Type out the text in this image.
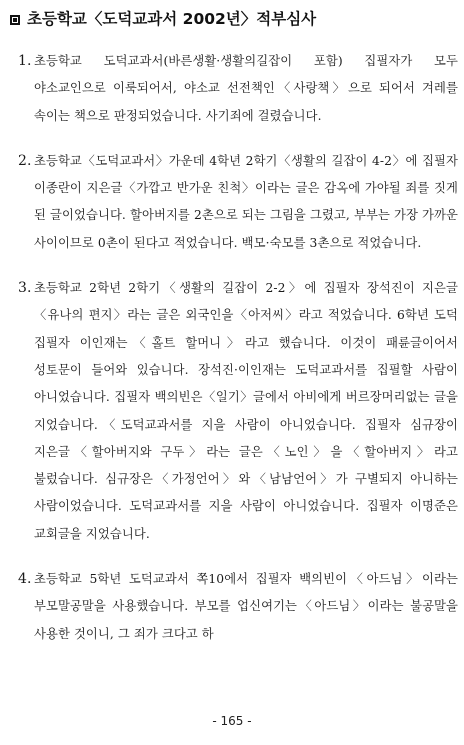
초등학교〈도덕교과서 2002년〉적부심사
1. 초등학교 도덕교과서(바른생활·생활의길잡이 포함) 집필자가 모두 야소교인으로 이룩되어서, 야소교 선전책인〈사랑책〉으로 되어서 겨레를 속이는 책으로 판정되었습니다. 사기죄에 걸렸습니다.
2. 초등학교〈도덕교과서〉가운데 4학년 2학기〈생활의 길잡이 4-2〉에 집필자 이종란이 지은글〈가깝고 반가운 친척〉이라는 글은 감옥에 가야될 죄를 짓게 된 글이었습니다. 할아버지를 2촌으로 되는 그림을 그렸고, 부부는 가장 가까운 사이이므로 0촌이 된다고 적었습니다. 백모·숙모를 3촌으로 적었습니다.
3. 초등학교 2학년 2학기〈생활의 길잡이 2-2〉에 집필자 장석진이 지은글〈유나의 편지〉라는 글은 외국인을〈아저씨〉라고 적었습니다. 6학년 도덕 집필자 이인재는〈홀트 할머니〉라고 했습니다. 이것이 패륜글이어서 성토문이 들어와 있습니다. 장석진·이인재는 도덕교과서를 집필할 사람이 아니었습니다. 집필자 백의빈은〈일기〉글에서 아비에게 버르장머리없는 글을 지었습니다.〈도덕교과서를 지을 사람이 아니었습니다. 집필자 심규장이 지은글〈할아버지와 구두〉라는 글은〈노인〉을〈할아버지〉라고 불렀습니다. 심규장은〈가정언어〉와〈남남언어〉가 구별되지 아니하는 사람이었습니다. 도덕교과서를 지을 사람이 아니었습니다. 집필자 이명준은 교회글을 지었습니다.
4. 초등학교 5학년 도덕교과서 쪽10에서 집필자 백의빈이〈아드님〉이라는 부모말공말을 사용했습니다. 부모를 업신여기는〈아드님〉이라는 불공말을 사용한 것이니, 그 죄가 크다고 하
- 165 -
